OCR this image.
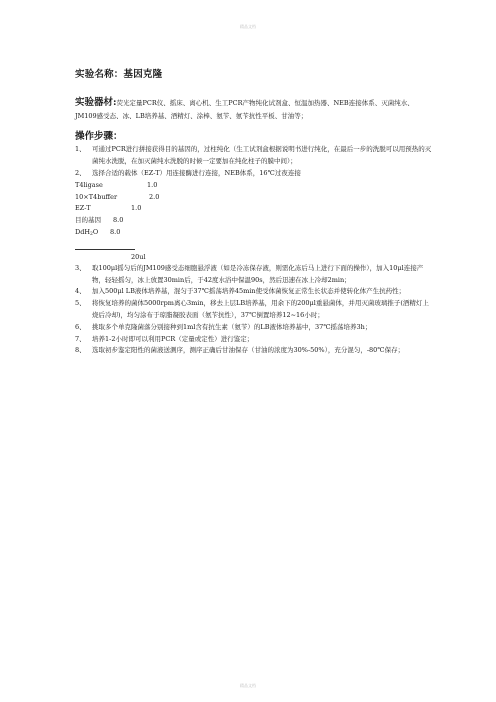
精品文档
实验名称：基因克隆
实验器材:荧光定量PCR仪、摇床、离心机、生工PCR产物纯化试剂盒、恒温加热器、NEB连接体系、灭菌纯水、JM109感受态、冰、LB培养基、酒精灯、涂棒、氨苄、氨苄抗性平板、甘油等；
操作步骤：
1、 可通过PCR进行拼接获得目的基因的，过柱纯化（生工试剂盒根据说明书进行纯化，在最后一步的洗脱可以用预热的灭菌纯水洗脱，在加灭菌纯水洗脱的时候一定要加在纯化柱子的膜中间）；
2、 选择合适的载体（EZ-T）用连接酶进行连接，NEB体系，16℃过夜连接
T4ligase	1.0
10×T4buffer	2.0
EZ-T	1.0
目的基因	8.0
DdH$_2$O	8.0
20ul
3、 取100μl摇匀后的JM109感受态细胞悬浮液（如是冷冻保存液，则需化冻后马上进行下面的操作），加入10μl连接产物，轻轻摇匀，冰上放置30min后，于42度水浴中保温90s，然后迅速在冰上冷却2min；
4、 加入500μl LB液体培养基，混匀于37℃摇荡培养45min使受体菌恢复正常生长状态并使转化体产生抗药性；
5、 将恢复培养的菌体5000rpm离心3min，移去上层LB培养基，用余下的200μl重悬菌体，并用灭菌玻璃推子(酒精灯上烧后冷却)，均匀涂布于琼脂凝胶表面（氨苄抗性），37℃倒置培养12~16小时；
6、 挑取多个单克隆菌落分别接种到1ml含有抗生素（氨苄）的LB液体培养基中，37℃摇荡培养3h；
7、 培养1-2小时即可以利用PCR（定量或定性）进行鉴定；
8、 选取初步鉴定阳性的菌液送测序，测序正确后甘油保存（甘油的浓度为30%-50%），充分混匀，-80℃保存；
精品文档
